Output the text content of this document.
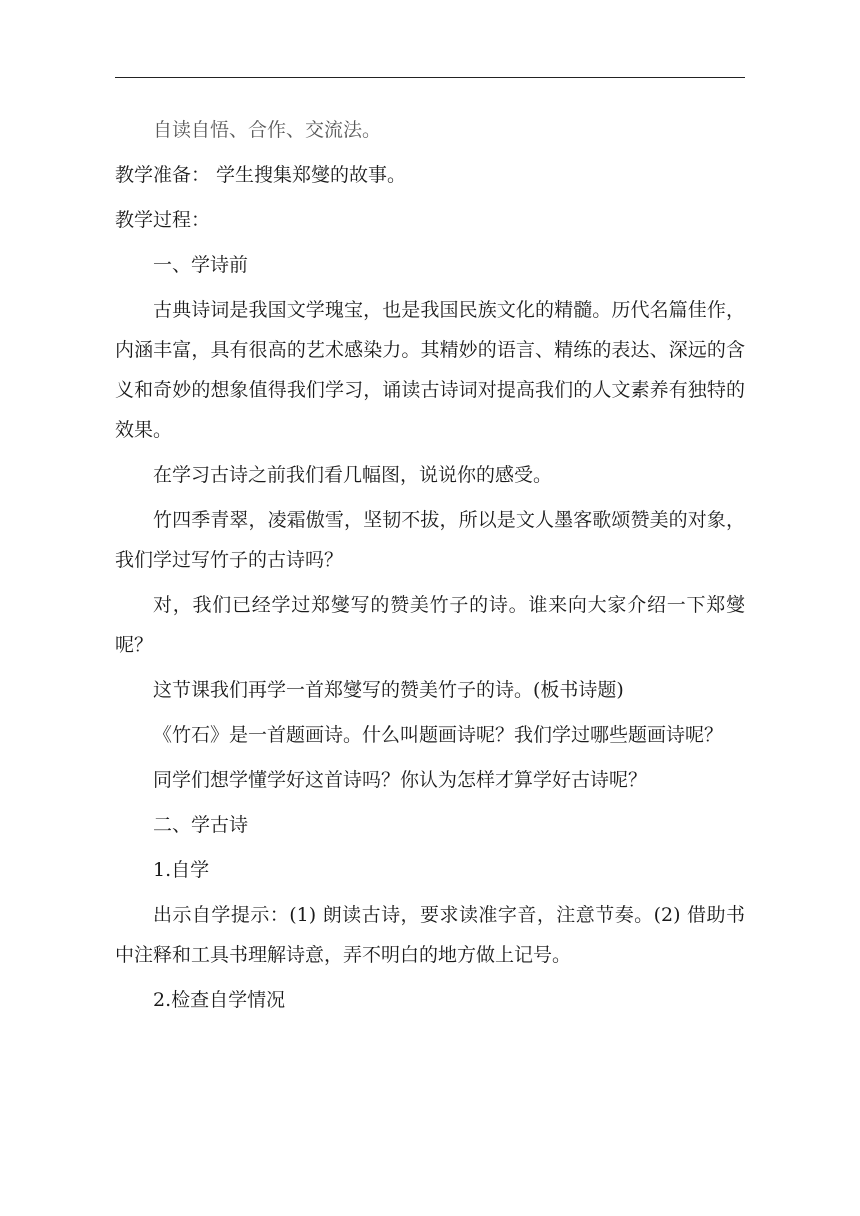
自读自悟、合作、交流法。

教学准备： 学生搜集郑燮的故事。

教学过程：

一、学诗前

古典诗词是我国文学瑰宝，也是我国民族文化的精髓。历代名篇佳作，内涵丰富，具有很高的艺术感染力。其精妙的语言、精练的表达、深远的含义和奇妙的想象值得我们学习，诵读古诗词对提高我们的人文素养有独特的效果。

在学习古诗之前我们看几幅图，说说你的感受。

竹四季青翠，凌霜傲雪，坚韧不拔，所以是文人墨客歌颂赞美的对象，我们学过写竹子的古诗吗？

对，我们已经学过郑燮写的赞美竹子的诗。谁来向大家介绍一下郑燮呢？

这节课我们再学一首郑燮写的赞美竹子的诗。(板书诗题)

《竹石》是一首题画诗。什么叫题画诗呢？我们学过哪些题画诗呢？

同学们想学懂学好这首诗吗？你认为怎样才算学好古诗呢？

二、学古诗

1.自学

出示自学提示：(1) 朗读古诗，要求读准字音，注意节奏。(2) 借助书中注释和工具书理解诗意，弄不明白的地方做上记号。

2.检查自学情况
